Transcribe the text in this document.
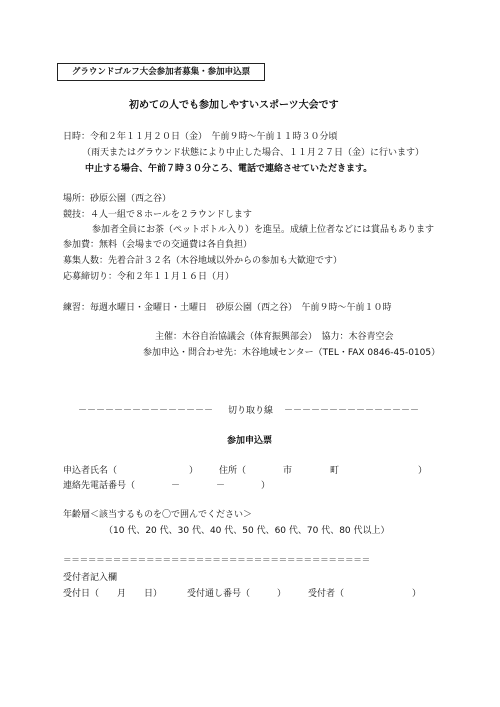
グラウンドゴルフ大会参加者募集・参加申込票
初めての人でも参加しやすいスポーツ大会です
日時：令和２年１１月２０日（金）　午前９時～午前１１時３０分頃
（雨天またはグラウンド状態により中止した場合、１１月２７日（金）に行います）
中止する場合、午前７時３０分ころ、電話で連絡させていただきます。
場所：砂原公園（西之谷）
競技：４人一組で８ホールを２ラウンドします
参加者全員にお茶（ペットボトル入り）を進呈。成績上位者などには賞品もあります
参加費：無料（会場までの交通費は各自負担）
募集人数：先着合計３２名（木谷地域以外からの参加も大歓迎です）
応募締切り：令和２年１１月１６日（月）
練習：毎週水曜日・金曜日・土曜日　砂原公園（西之谷）　午前９時～午前１０時
主催：木谷自治協議会（体育振興部会）　協力：木谷青空会
参加申込・問合わせ先：木谷地域センター（TEL・FAX 0846-45-0105）
－－－－－－－－－－－－－－－ 切り取り線 －－－－－－－－－－－－－－－
参加申込票
申込者氏名（　　　　　　　　） 住所（	市	町	）
連絡先電話番号（　　　　－　　　　－　　　　）
年齢層＜該当するものを〇で囲んでください＞
（10 代、20 代、30 代、40 代、50 代、60 代、70 代、80 代以上）
＝＝＝＝＝＝＝＝＝＝＝＝＝＝＝＝＝＝＝＝＝＝＝＝＝＝＝＝＝＝＝＝＝＝＝＝＝
受付者記入欄
受付日（　　月　　日）	受付通し番号（　　　） 受付者（	）
